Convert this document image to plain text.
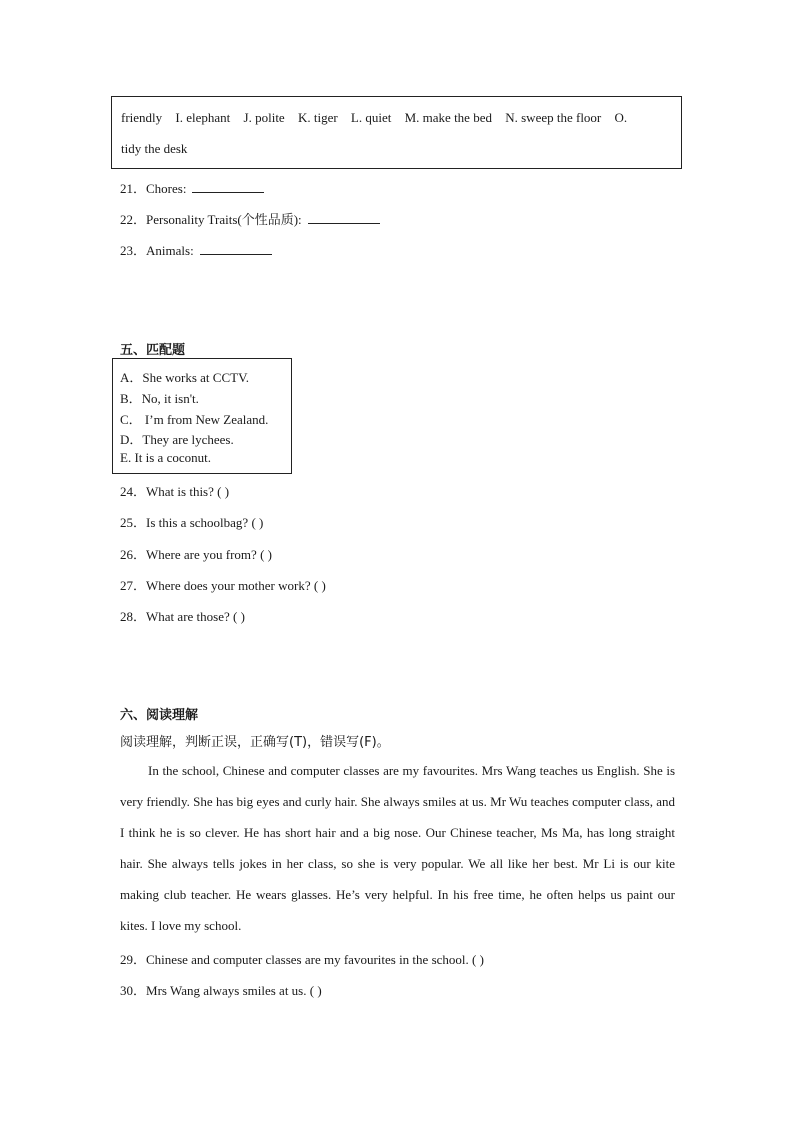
friendly I. elephant J. polite K. tiger L. quiet M. make the bed N. sweep the floor O.
tidy the desk
21．Chores:
22．Personality Traits(个性品质):
23．Animals:
五、匹配题
A．She works at CCTV.
B．No, it isn't.
C． I’m from New Zealand.
D．They are lychees.
E. It is a coconut.
24．What is this? ( )
25．Is this a schoolbag? ( )
26．Where are you from? ( )
27．Where does your mother work? ( )
28．What are those? ( )
六、阅读理解
阅读理解，判断正误，正确写(T)，错误写(F)。

In the school, Chinese and computer classes are my favourites. Mrs Wang teaches us English. She is very friendly. She has big eyes and curly hair. She always smiles at us. Mr Wu teaches computer class, and I think he is so clever. He has short hair and a big nose. Our Chinese teacher, Ms Ma, has long straight hair. She always tells jokes in her class, so she is very popular. We all like her best. Mr Li is our kite making club teacher. He wears glasses. He’s very helpful. In his free time, he often helps us paint our kites. I love my school.

29．Chinese and computer classes are my favourites in the school. ( )
30．Mrs Wang always smiles at us. ( )
